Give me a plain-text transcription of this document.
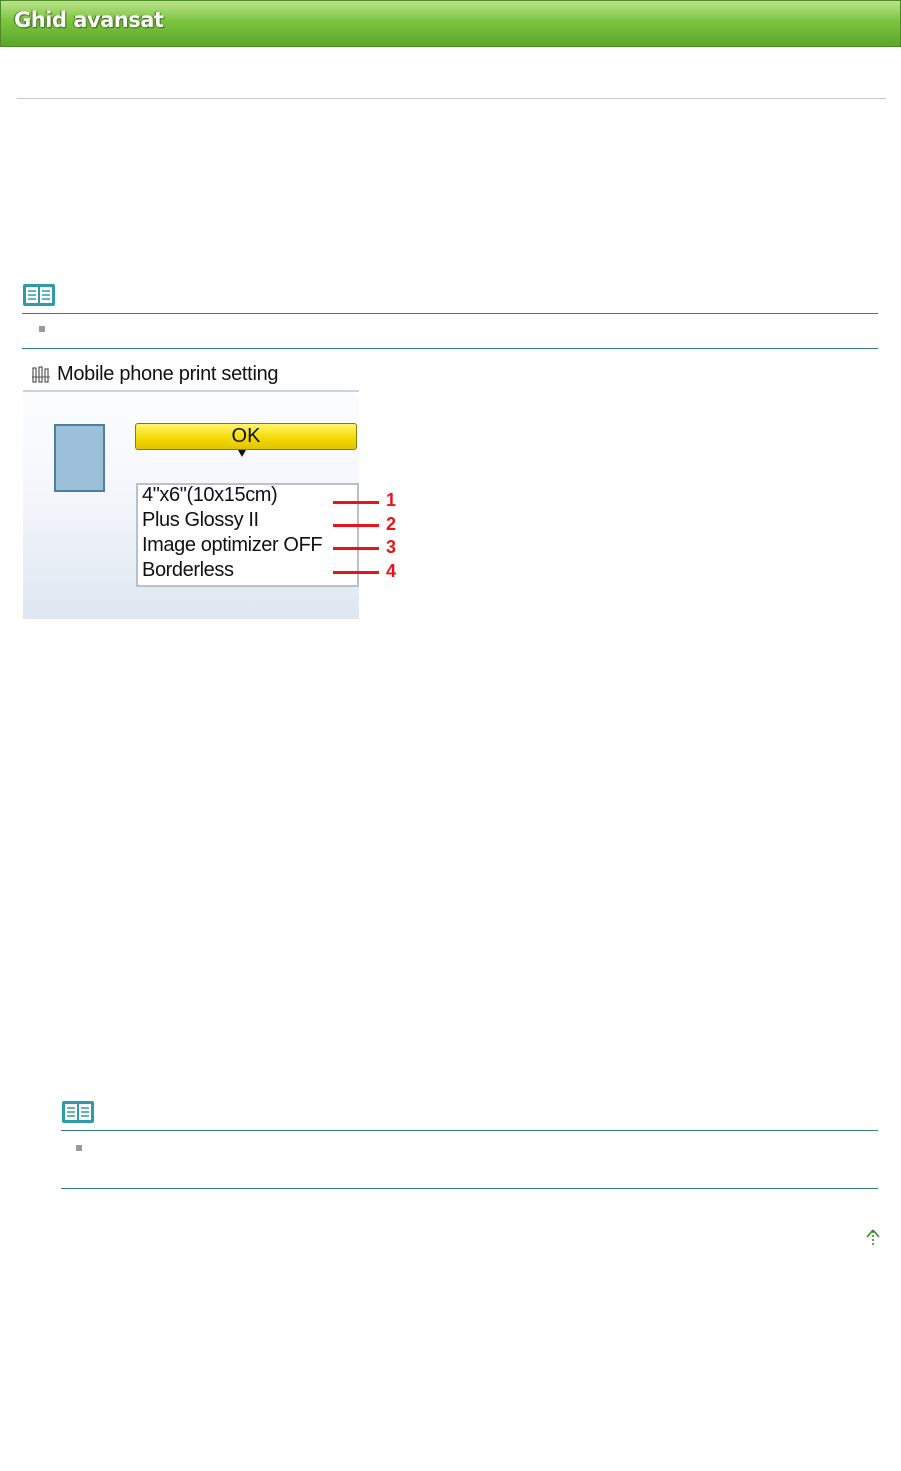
Ghid avansat
Mobile phone print setting
OK
4"x6"(10x15cm)
Plus Glossy II
Image optimizer OFF
Borderless
1
2
3
4
